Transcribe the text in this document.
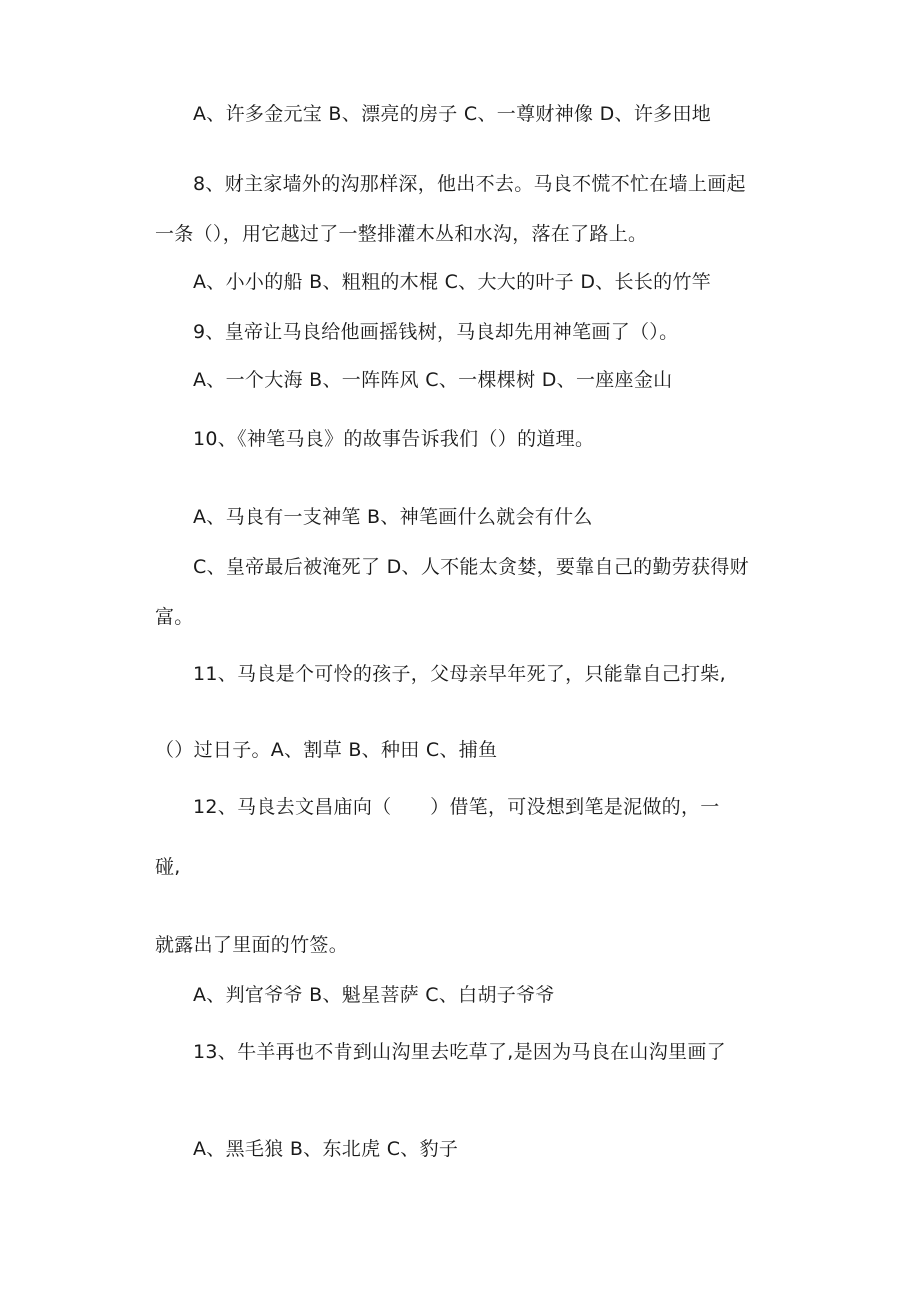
A、许多金元宝 B、漂亮的房子 C、一尊财神像 D、许多田地
8、财主家墙外的沟那样深，他出不去。马良不慌不忙在墙上画起
一条（），用它越过了一整排灌木丛和水沟，落在了路上。
A、小小的船 B、粗粗的木棍 C、大大的叶子 D、长长的竹竿
9、皇帝让马良给他画摇钱树，马良却先用神笔画了（）。
A、一个大海 B、一阵阵风 C、一棵棵树 D、一座座金山
10、《神笔马良》的故事告诉我们（）的道理。
A、马良有一支神笔 B、神笔画什么就会有什么
C、皇帝最后被淹死了 D、人不能太贪婪，要靠自己的勤劳获得财
富。
11、马良是个可怜的孩子，父母亲早年死了，只能靠自己打柴,
（）过日子。A、割草 B、种田 C、捕鱼
12、马良去文昌庙向（　　）借笔，可没想到笔是泥做的，一
碰,
就露出了里面的竹签。
A、判官爷爷 B、魁星菩萨 C、白胡子爷爷
13、牛羊再也不肯到山沟里去吃草了,是因为马良在山沟里画了
A、黑毛狼 B、东北虎 C、豹子
